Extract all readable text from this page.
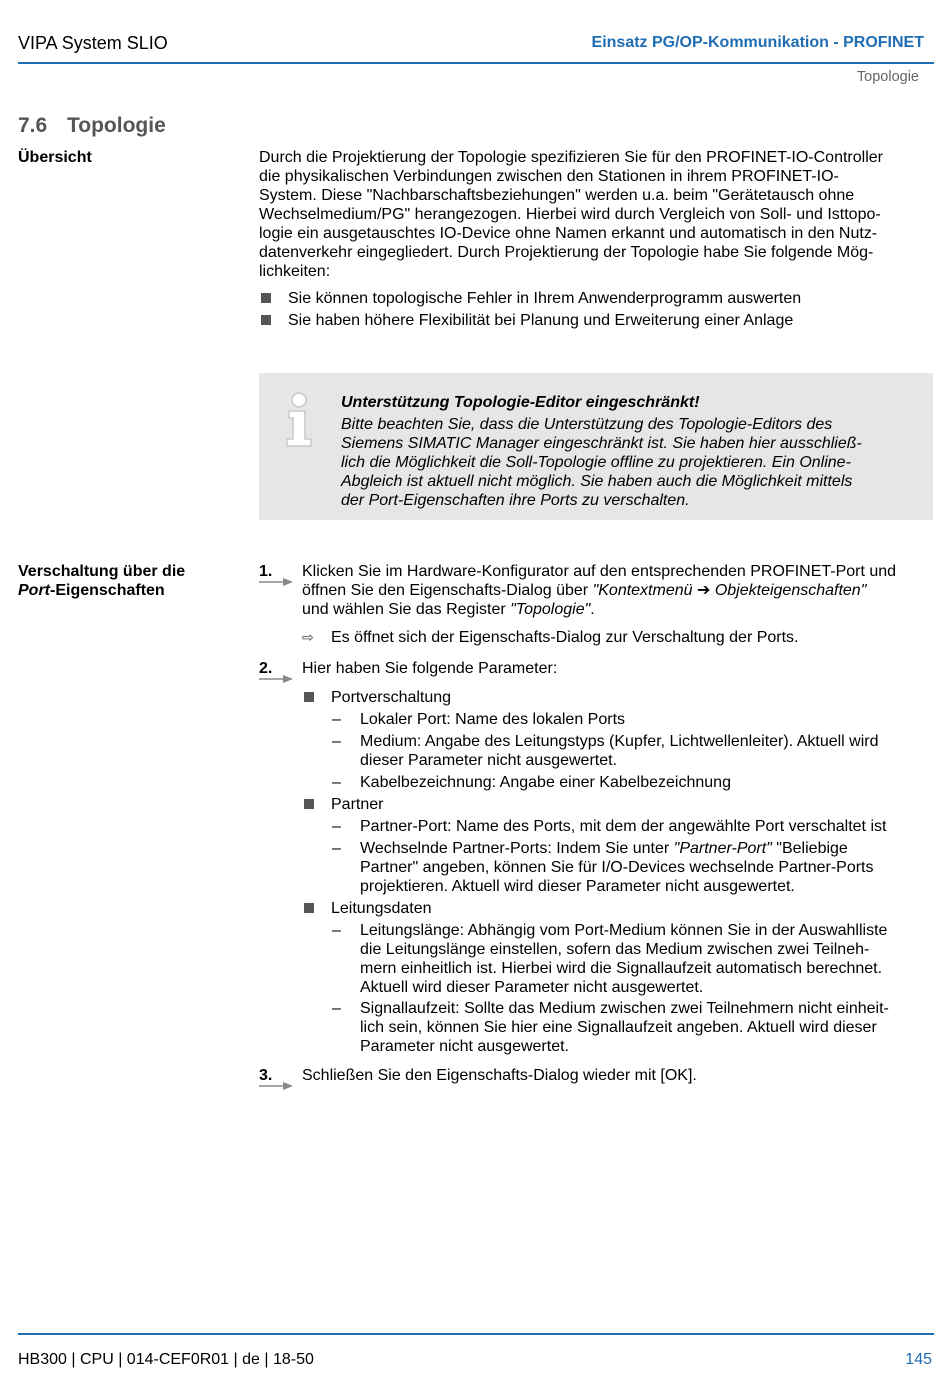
VIPA System SLIO	Einsatz PG/OP-Kommunikation - PROFINET
Topologie
7.6 Topologie
Übersicht	Durch die Projektierung der Topologie spezifizieren Sie für den PROFINET-IO-Controller
die physikalischen Verbindungen zwischen den Stationen in ihrem PROFINET-IO-
System. Diese "Nachbarschaftsbeziehungen" werden u.a. beim "Gerätetausch ohne
Wechselmedium/PG" herangezogen. Hierbei wird durch Vergleich von Soll- und Isttopo-
logie ein ausgetauschtes IO-Device ohne Namen erkannt und automatisch in den Nutz-
datenverkehr eingegliedert. Durch Projektierung der Topologie habe Sie folgende Mög-
lichkeiten:
Sie können topologische Fehler in Ihrem Anwenderprogramm auswerten
Sie haben höhere Flexibilität bei Planung und Erweiterung einer Anlage
Unterstützung Topologie-Editor eingeschränkt!
Bitte beachten Sie, dass die Unterstützung des Topologie-Editors des
Siemens SIMATIC Manager eingeschränkt ist. Sie haben hier ausschließ-
lich die Möglichkeit die Soll-Topologie offline zu projektieren. Ein Online-
Abgleich ist aktuell nicht möglich. Sie haben auch die Möglichkeit mittels
der Port-Eigenschaften ihre Ports zu verschalten.
Verschaltung über die
Port-Eigenschaften
1. Klicken Sie im Hardware-Konfigurator auf den entsprechenden PROFINET-Port und
öffnen Sie den Eigenschafts-Dialog über "Kontextmenü ➔ Objekteigenschaften"
und wählen Sie das Register "Topologie".
⇨ Es öffnet sich der Eigenschafts-Dialog zur Verschaltung der Ports.
2. Hier haben Sie folgende Parameter:
Portverschaltung
– Lokaler Port: Name des lokalen Ports
– Medium: Angabe des Leitungstyps (Kupfer, Lichtwellenleiter). Aktuell wird
dieser Parameter nicht ausgewertet.
– Kabelbezeichnung: Angabe einer Kabelbezeichnung
Partner
– Partner-Port: Name des Ports, mit dem der angewählte Port verschaltet ist
– Wechselnde Partner-Ports: Indem Sie unter "Partner-Port" "Beliebige
Partner" angeben, können Sie für I/O-Devices wechselnde Partner-Ports
projektieren. Aktuell wird dieser Parameter nicht ausgewertet.
Leitungsdaten
– Leitungslänge: Abhängig vom Port-Medium können Sie in der Auswahlliste
die Leitungslänge einstellen, sofern das Medium zwischen zwei Teilneh-
mern einheitlich ist. Hierbei wird die Signallaufzeit automatisch berechnet.
Aktuell wird dieser Parameter nicht ausgewertet.
– Signallaufzeit: Sollte das Medium zwischen zwei Teilnehmern nicht einheit-
lich sein, können Sie hier eine Signallaufzeit angeben. Aktuell wird dieser
Parameter nicht ausgewertet.
3. Schließen Sie den Eigenschafts-Dialog wieder mit [OK].
HB300 | CPU | 014-CEF0R01 | de | 18-50	145
